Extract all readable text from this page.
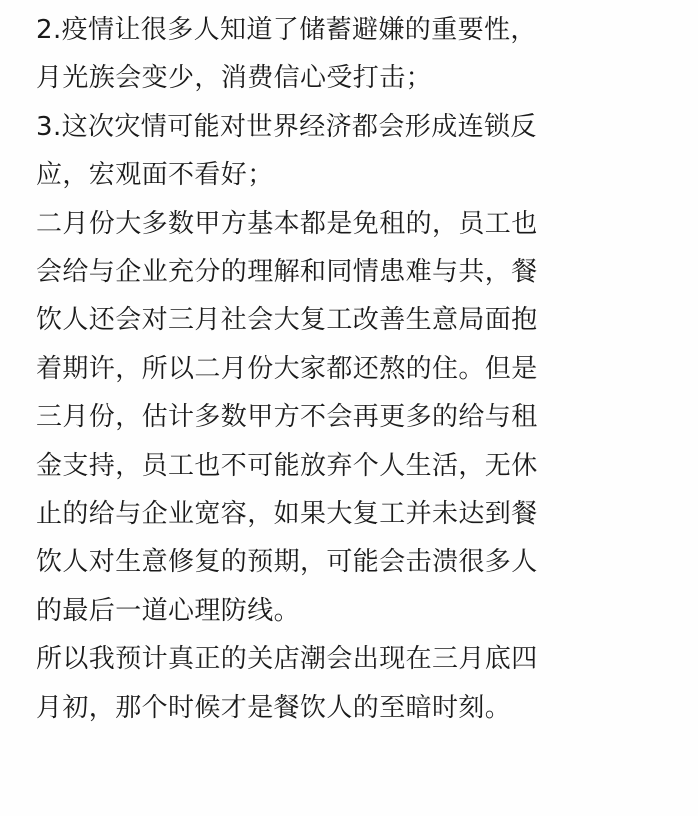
2.疫情让很多人知道了储蓄避嫌的重要性，
月光族会变少，消费信心受打击；
3.这次灾情可能对世界经济都会形成连锁反
应，宏观面不看好；
二月份大多数甲方基本都是免租的，员工也
会给与企业充分的理解和同情患难与共，餐
饮人还会对三月社会大复工改善生意局面抱
着期许，所以二月份大家都还熬的住。但是
三月份，估计多数甲方不会再更多的给与租
金支持，员工也不可能放弃个人生活，无休
止的给与企业宽容，如果大复工并未达到餐
饮人对生意修复的预期，可能会击溃很多人
的最后一道心理防线。
所以我预计真正的关店潮会出现在三月底四
月初，那个时候才是餐饮人的至暗时刻。
